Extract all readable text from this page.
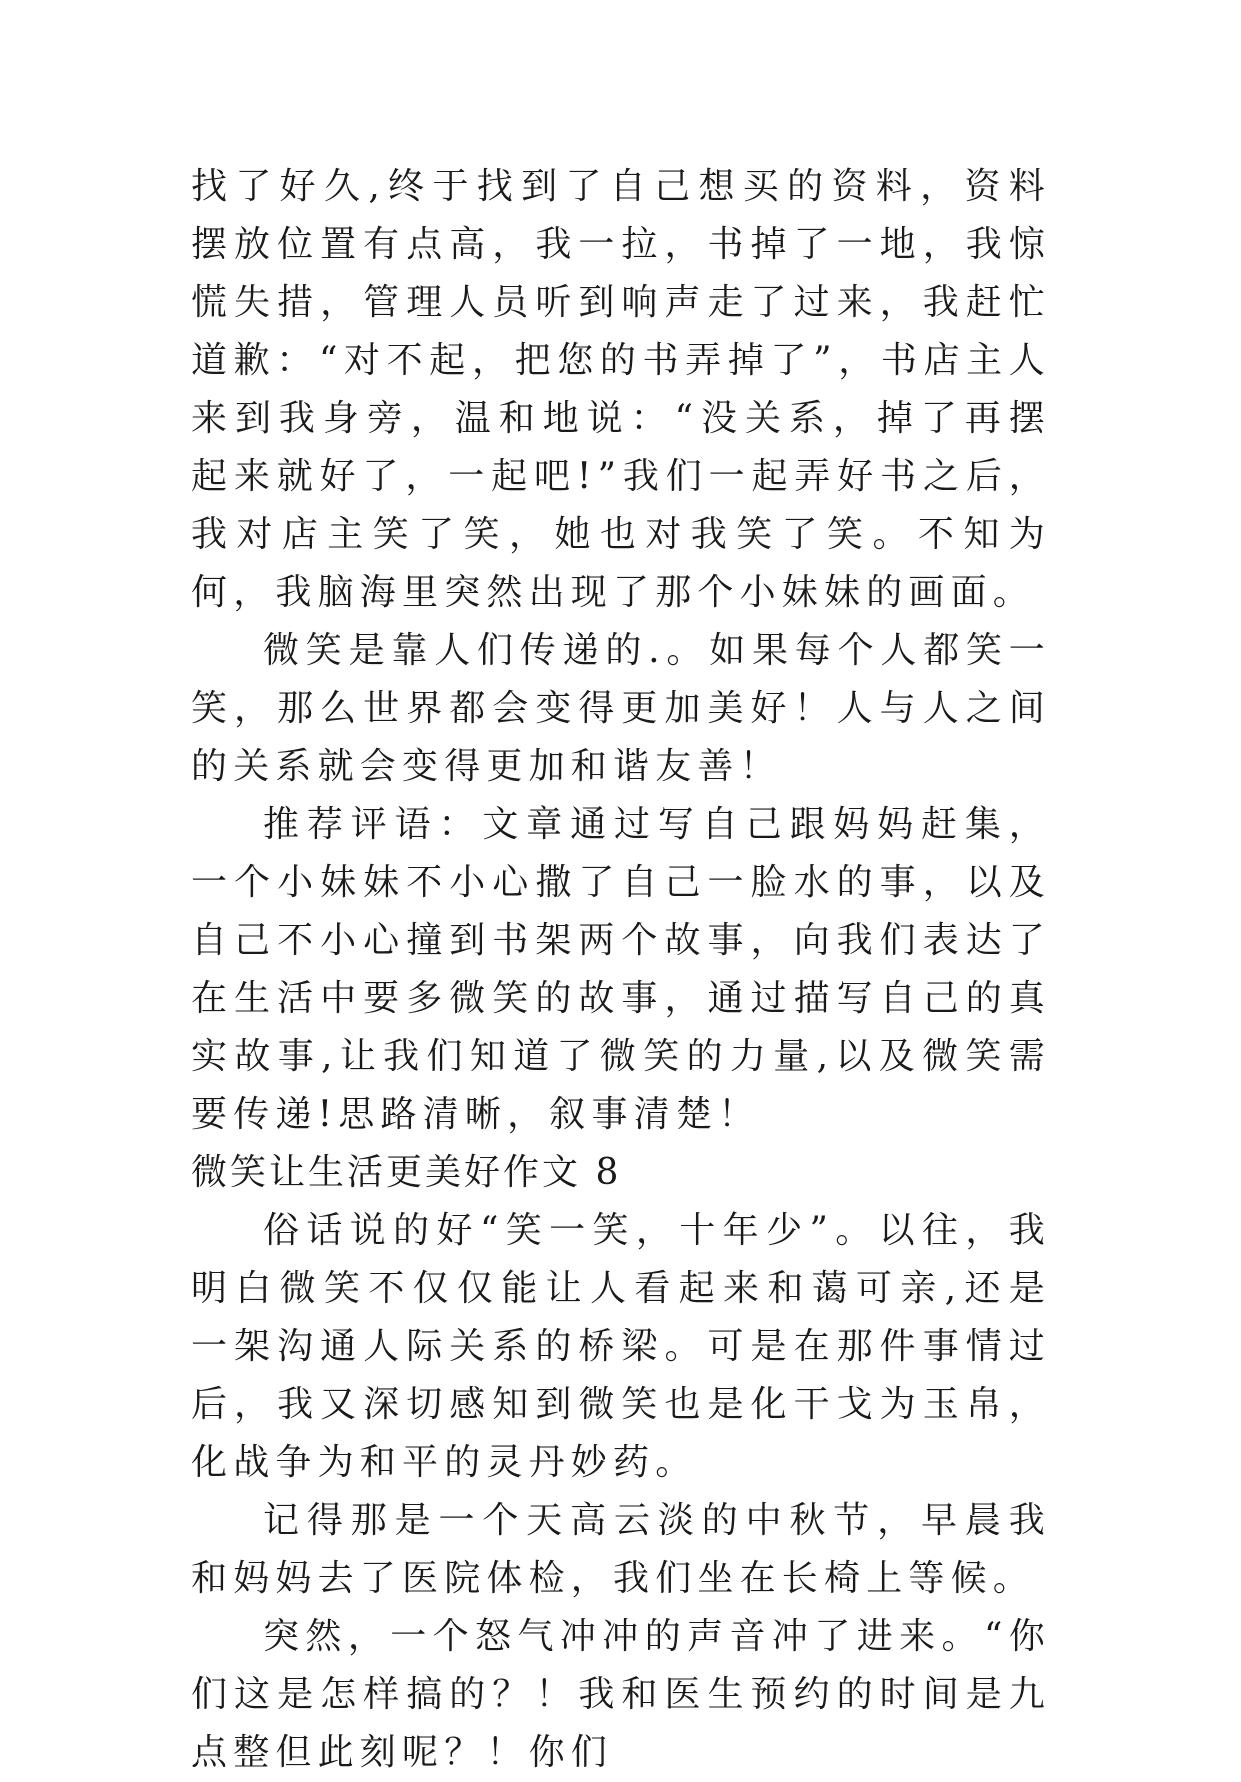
找了好久,终于找到了自己想买的资料，资料摆放位置有点高，我一拉，书掉了一地，我惊慌失措，管理人员听到响声走了过来，我赶忙道歉：“对不起，把您的书弄掉了”，书店主人来到我身旁，温和地说：“没关系，掉了再摆起来就好了，一起吧!”我们一起弄好书之后，我对店主笑了笑，她也对我笑了笑。不知为何，我脑海里突然出现了那个小妹妹的画面。

微笑是靠人们传递的.。如果每个人都笑一笑，那么世界都会变得更加美好！人与人之间的关系就会变得更加和谐友善！

推荐评语：文章通过写自己跟妈妈赶集，一个小妹妹不小心撒了自己一脸水的事，以及自己不小心撞到书架两个故事，向我们表达了在生活中要多微笑的故事，通过描写自己的真实故事,让我们知道了微笑的力量,以及微笑需要传递!思路清晰，叙事清楚！

微笑让生活更美好作文 8

俗话说的好“笑一笑，十年少”。以往，我明白微笑不仅仅能让人看起来和蔼可亲,还是一架沟通人际关系的桥梁。可是在那件事情过后，我又深切感知到微笑也是化干戈为玉帛，化战争为和平的灵丹妙药。

记得那是一个天高云淡的中秋节，早晨我和妈妈去了医院体检，我们坐在长椅上等候。

突然，一个怒气冲冲的声音冲了进来。“你们这是怎样搞的？！我和医生预约的时间是九点整但此刻呢？！你们
